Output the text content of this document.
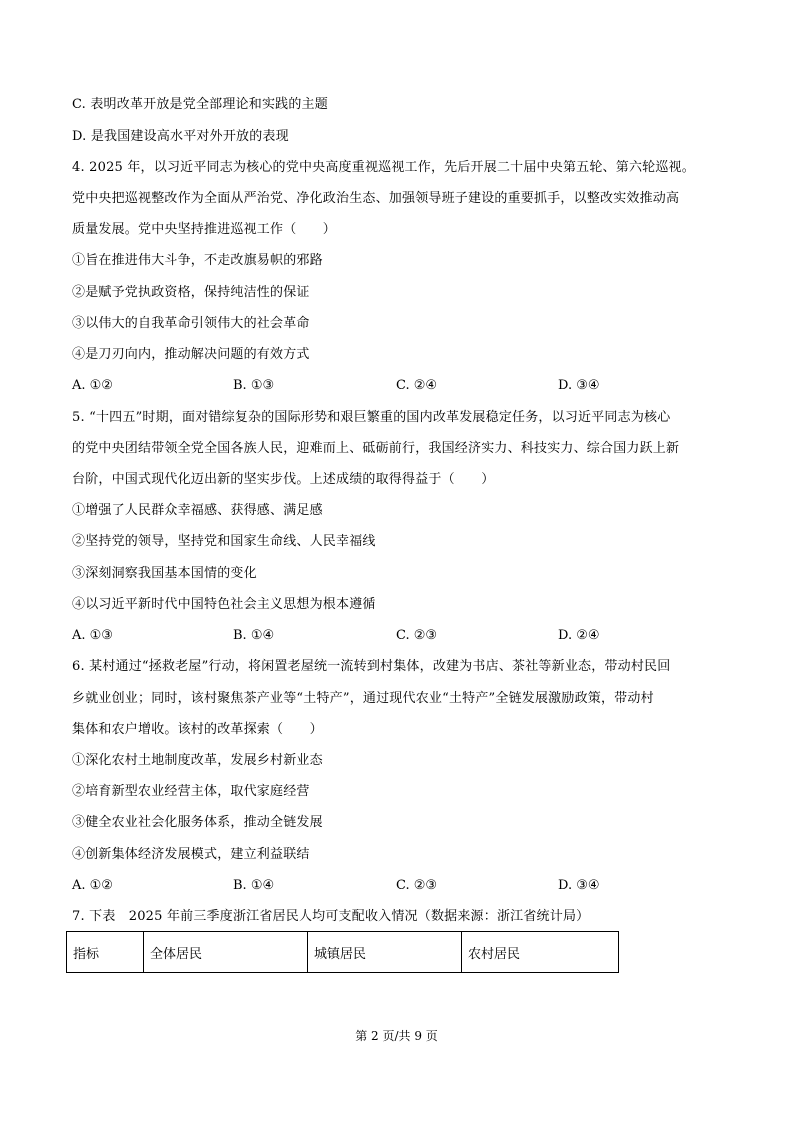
C. 表明改革开放是党全部理论和实践的主题
D. 是我国建设高水平对外开放的表现
4. 2025 年，以习近平同志为核心的党中央高度重视巡视工作，先后开展二十届中央第五轮、第六轮巡视。
党中央把巡视整改作为全面从严治党、净化政治生态、加强领导班子建设的重要抓手，以整改实效推动高
质量发展。党中央坚持推进巡视工作（　　）
①旨在推进伟大斗争，不走改旗易帜的邪路
②是赋予党执政资格，保持纯洁性的保证
③以伟大的自我革命引领伟大的社会革命
④是刀刃向内，推动解决问题的有效方式
A. ①②	B. ①③	C. ②④	D. ③④
5. “十四五”时期，面对错综复杂的国际形势和艰巨繁重的国内改革发展稳定任务，以习近平同志为核心
的党中央团结带领全党全国各族人民，迎难而上、砥砺前行，我国经济实力、科技实力、综合国力跃上新
台阶，中国式现代化迈出新的坚实步伐。上述成绩的取得得益于（　　）
①增强了人民群众幸福感、获得感、满足感
②坚持党的领导，坚持党和国家生命线、人民幸福线
③深刻洞察我国基本国情的变化
④以习近平新时代中国特色社会主义思想为根本遵循
A. ①③	B. ①④	C. ②③	D. ②④
6. 某村通过“拯救老屋”行动，将闲置老屋统一流转到村集体，改建为书店、茶社等新业态，带动村民回
乡就业创业；同时，该村聚焦茶产业等“土特产”，通过现代农业“土特产”全链发展激励政策，带动村
集体和农户增收。该村的改革探索（　　）
①深化农村土地制度改革，发展乡村新业态
②培育新型农业经营主体，取代家庭经营
③健全农业社会化服务体系，推动全链发展
④创新集体经济发展模式，建立利益联结
A. ①②	B. ①④	C. ②③	D. ③④
7. 下表　2025 年前三季度浙江省居民人均可支配收入情况（数据来源：浙江省统计局）
指标	全体居民	城镇居民	农村居民
第 2 页/共 9 页
